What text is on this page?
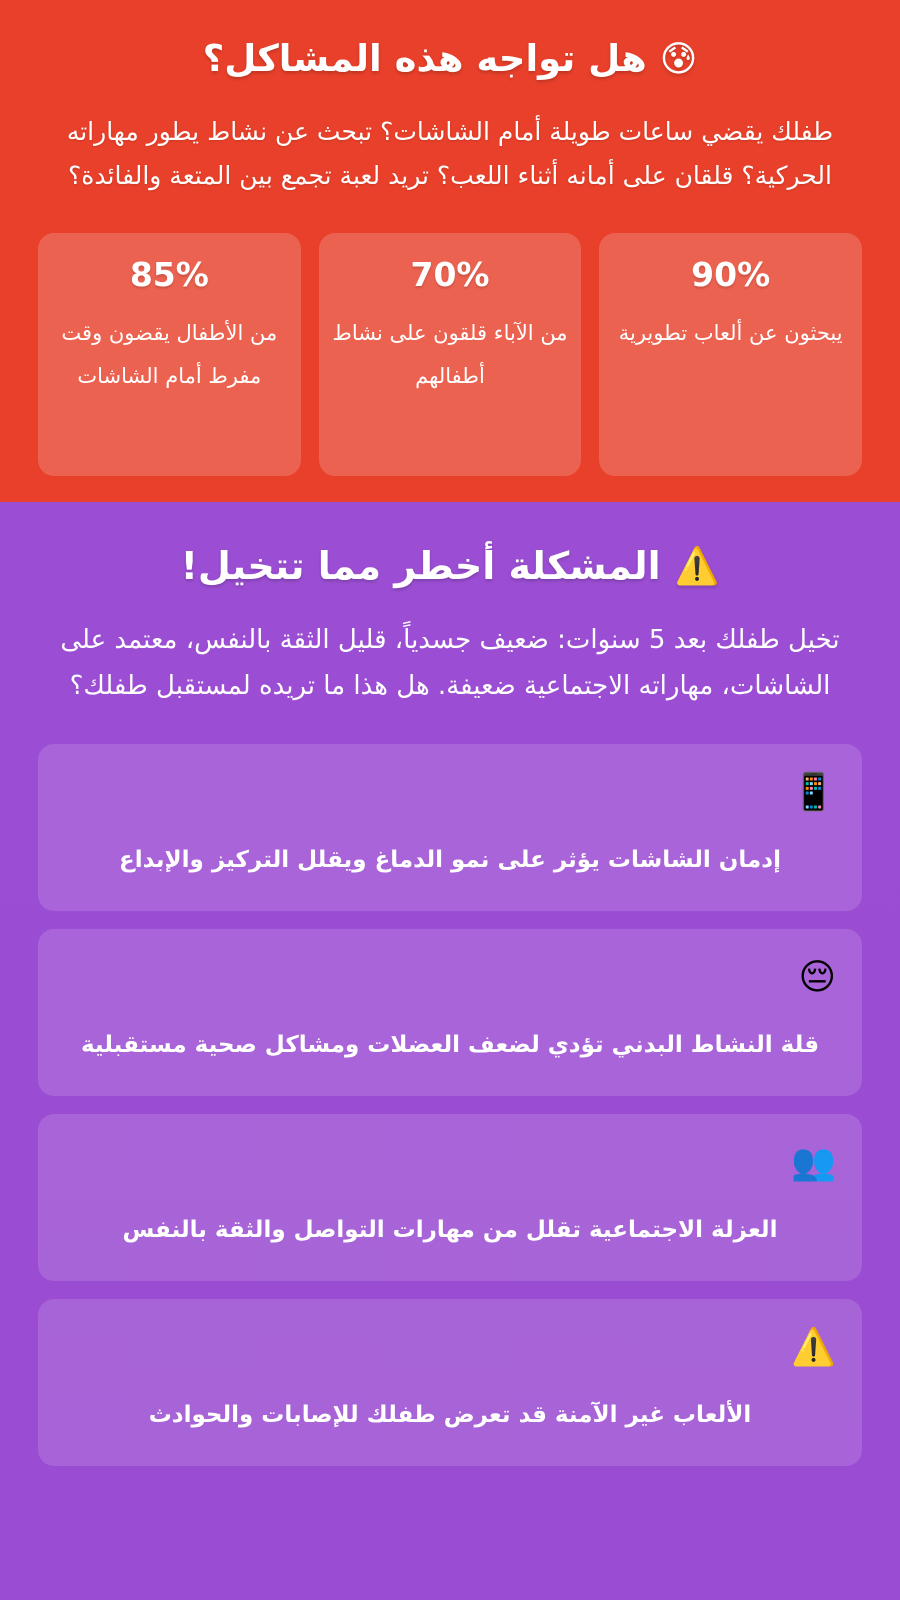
😰 هل تواجه هذه المشاكل؟

طفلك يقضي ساعات طويلة أمام الشاشات؟ تبحث عن نشاط يطور مهاراته الحركية؟ قلقان على أمانه أثناء اللعب؟ تريد لعبة تجمع بين المتعة والفائدة؟

90%
يبحثون عن ألعاب تطويرية
70%
من الآباء قلقون على نشاط أطفالهم
85%
من الأطفال يقضون وقت مفرط أمام الشاشات
⚠️
المشكلة أخطر مما تتخيل!

تخيل طفلك بعد 5 سنوات: ضعيف جسدياً، قليل الثقة بالنفس، معتمد على الشاشات، مهاراته الاجتماعية ضعيفة. هل هذا ما تريده لمستقبل طفلك؟

📱
إدمان الشاشات يؤثر على نمو الدماغ ويقلل التركيز والإبداع
😔
قلة النشاط البدني تؤدي لضعف العضلات ومشاكل صحية مستقبلية
👥
العزلة الاجتماعية تقلل من مهارات التواصل والثقة بالنفس
⚠️
الألعاب غير الآمنة قد تعرض طفلك للإصابات والحوادث
